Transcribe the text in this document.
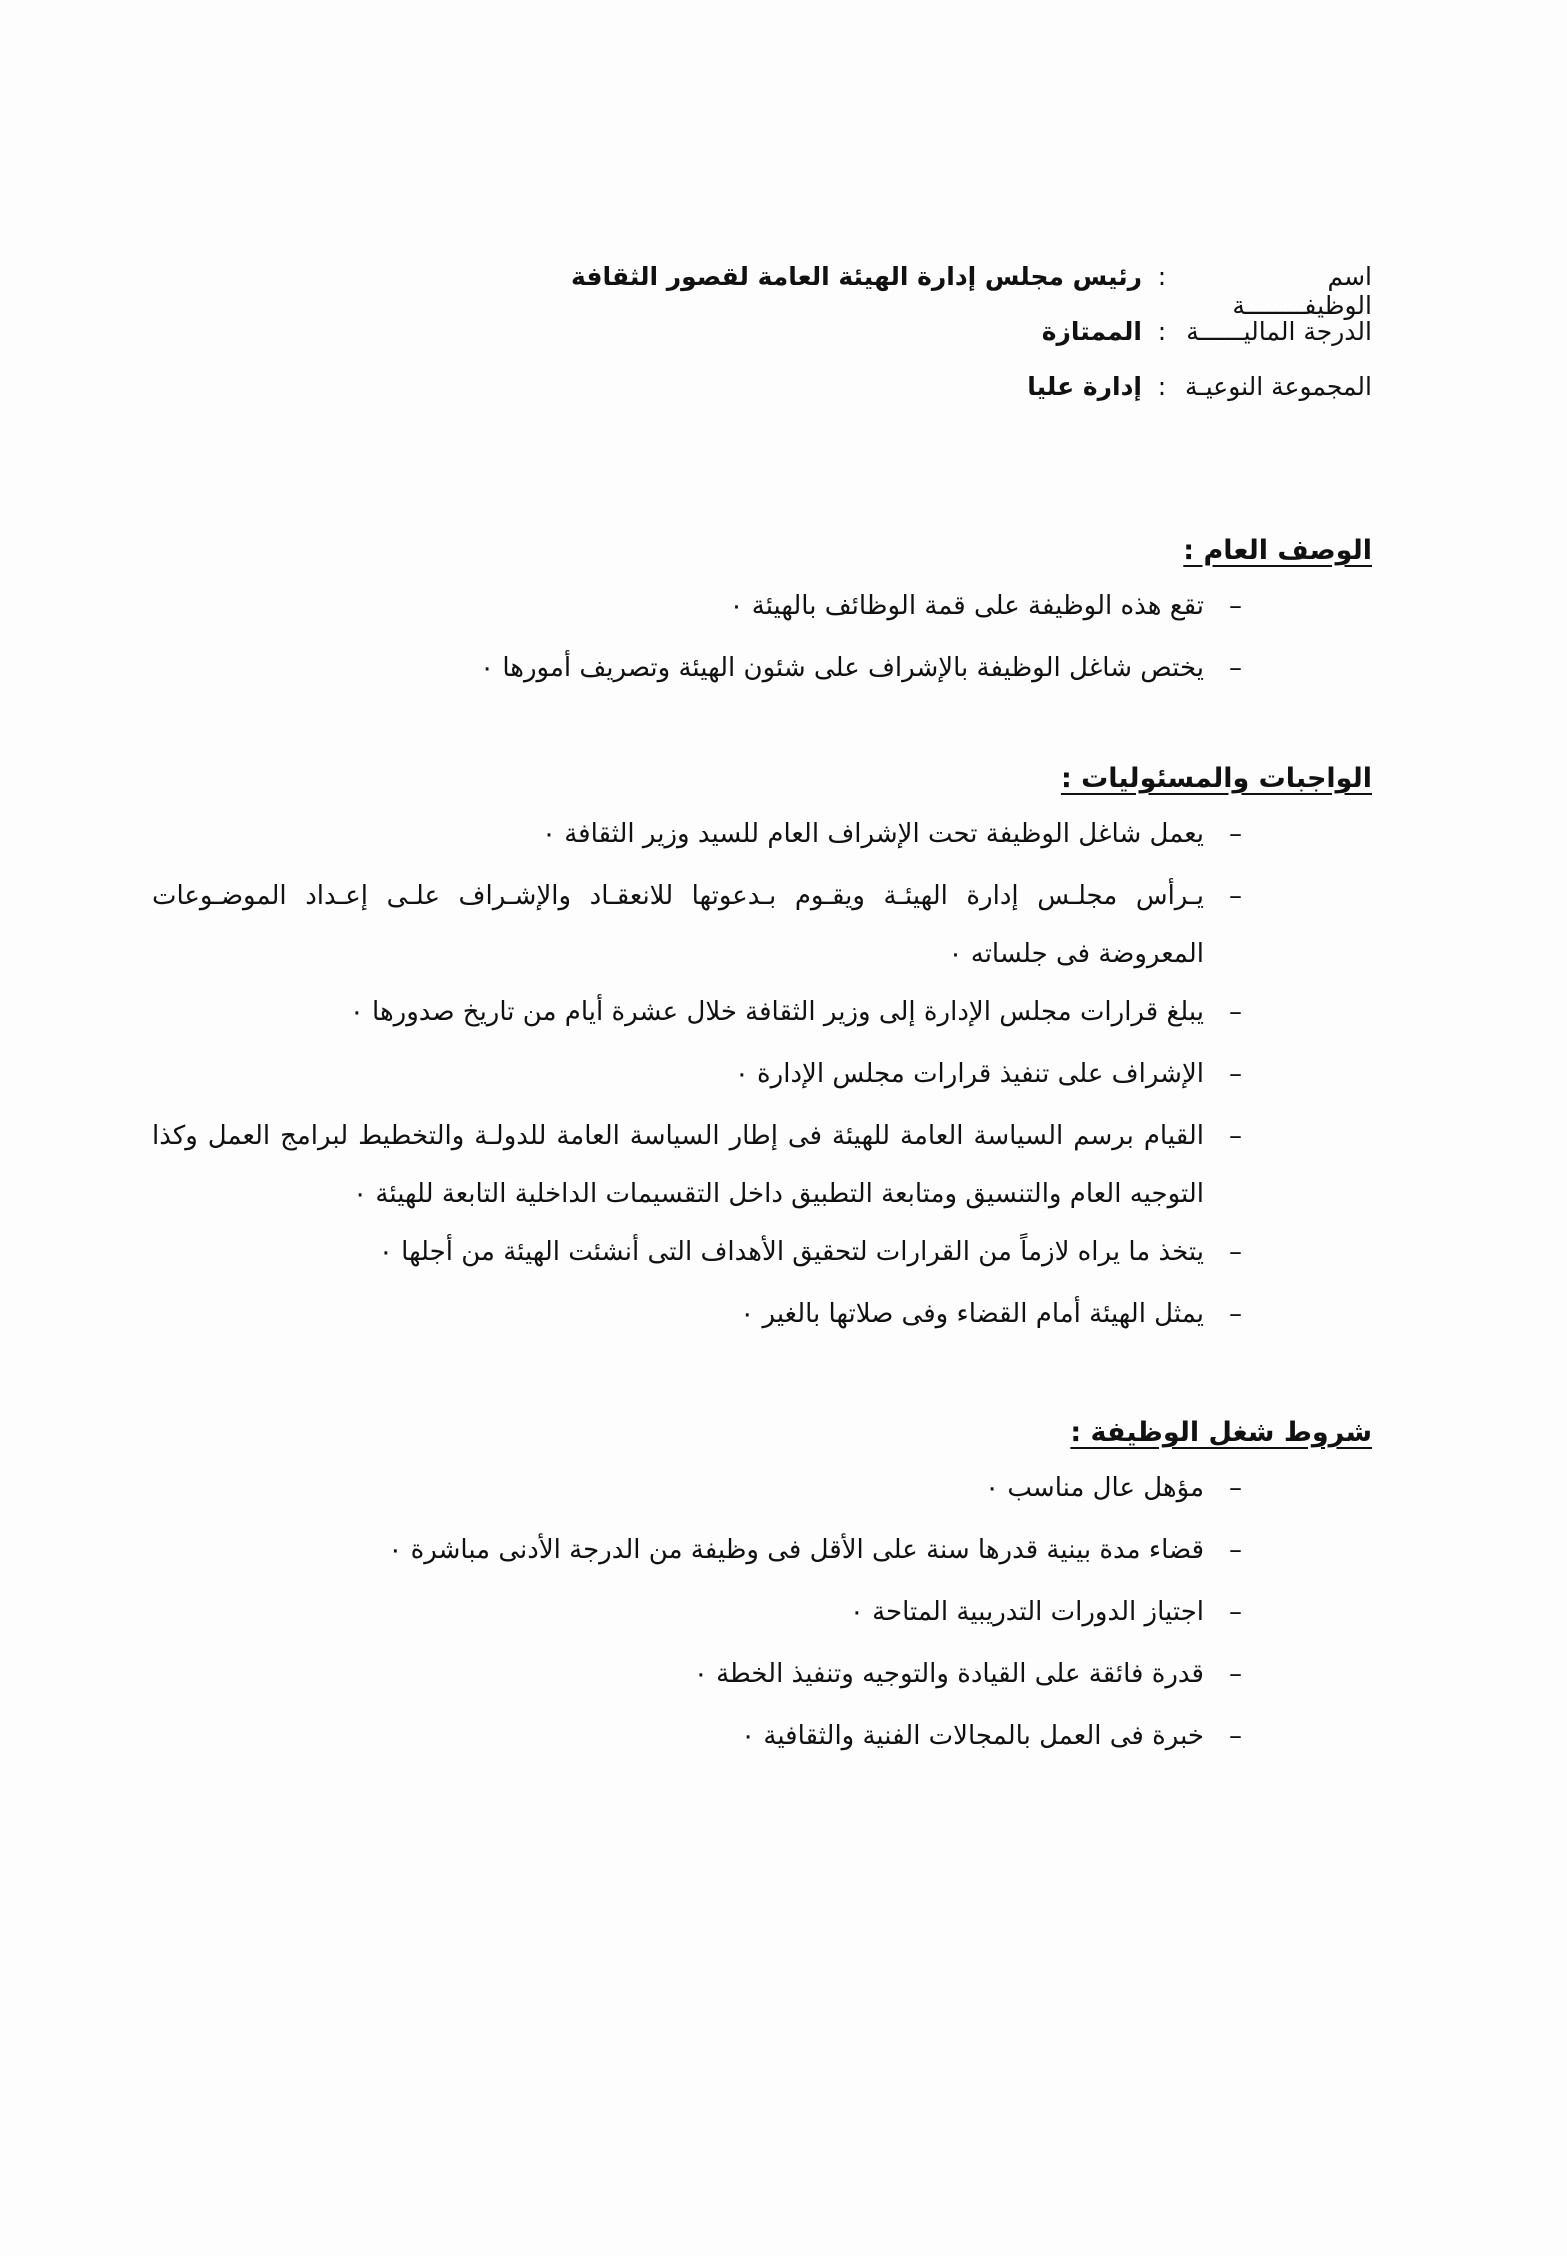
اسم الوظيفــــــــة
:
رئيس مجلس إدارة الهيئة العامة لقصور الثقافة
الدرجة الماليــــــة
:
الممتازة
المجموعة النوعيـة
:
إدارة عليا
الوصف العام :
–
تقع هذه الوظيفة على قمة الوظائف بالهيئة ٠
–
يختص شاغل الوظيفة بالإشراف على شئون الهيئة وتصريف أمورها ٠
الواجبات والمسئوليات :
–
يعمل شاغل الوظيفة تحت الإشراف العام للسيد وزير الثقافة ٠
–
يـرأس مجلـس إدارة الهيئـة ويقـوم بـدعوتها للانعقـاد والإشـراف علـى إعـداد الموضـوعات المعروضة فى جلساته ٠
–
يبلغ قرارات مجلس الإدارة إلى وزير الثقافة خلال عشرة أيام من تاريخ صدورها ٠
–
الإشراف على تنفيذ قرارات مجلس الإدارة ٠
–
القيام برسم السياسة العامة للهيئة فى إطار السياسة العامة للدولـة والتخطيط لبرامج العمل وكذا التوجيه العام والتنسيق ومتابعة التطبيق داخل التقسيمات الداخلية التابعة للهيئة ٠
–
يتخذ ما يراه لازماً من القرارات لتحقيق الأهداف التى أنشئت الهيئة من أجلها ٠
–
يمثل الهيئة أمام القضاء وفى صلاتها بالغير ٠
شروط شغل الوظيفة :
–
مؤهل عال مناسب ٠
–
قضاء مدة بينية قدرها سنة على الأقل فى وظيفة من الدرجة الأدنى مباشرة ٠
–
اجتياز الدورات التدريبية المتاحة ٠
–
قدرة فائقة على القيادة والتوجيه وتنفيذ الخطة ٠
–
خبرة فى العمل بالمجالات الفنية والثقافية ٠
